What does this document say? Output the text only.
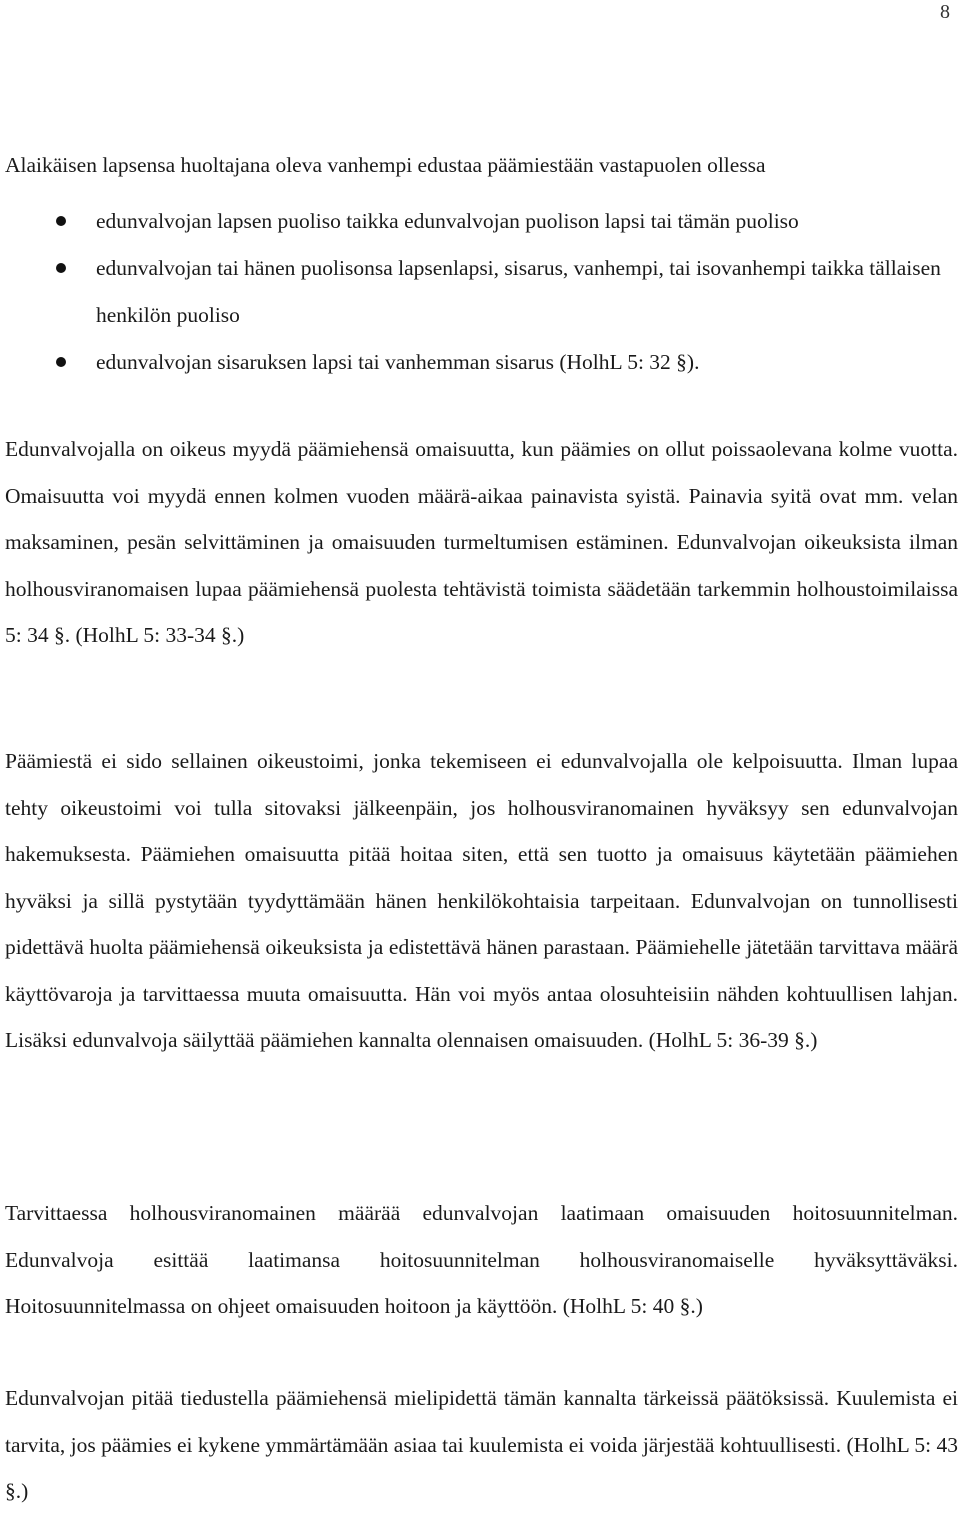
8

Alaikäisen lapsensa huoltajana oleva vanhempi edustaa päämiestään vastapuolen ollessa

edunvalvojan lapsen puoliso taikka edunvalvojan puolison lapsi tai tämän puoliso
edunvalvojan tai hänen puolisonsa lapsenlapsi, sisarus, vanhempi, tai isovanhempi taikka tällaisen henkilön puoliso
edunvalvojan sisaruksen lapsi tai vanhemman sisarus (HolhL 5: 32 §).

Edunvalvojalla on oikeus myydä päämiehensä omaisuutta, kun päämies on ollut poissaolevana kolme vuotta. Omaisuutta voi myydä ennen kolmen vuoden määrä-aikaa painavista syistä. Painavia syitä ovat mm. velan maksaminen, pesän selvittäminen ja omaisuuden turmeltumisen estäminen. Edunvalvojan oikeuksista ilman holhousviranomaisen lupaa päämiehensä puolesta tehtävistä toimista säädetään tarkemmin holhoustoimilaissa 5: 34 §. (HolhL 5: 33-34 §.)

Päämiestä ei sido sellainen oikeustoimi, jonka tekemiseen ei edunvalvojalla ole kelpoisuutta. Ilman lupaa tehty oikeustoimi voi tulla sitovaksi jälkeenpäin, jos holhousviranomainen hyväksyy sen edunvalvojan hakemuksesta. Päämiehen omaisuutta pitää hoitaa siten, että sen tuotto ja omaisuus käytetään päämiehen hyväksi ja sillä pystytään tyydyttämään hänen henkilökohtaisia tarpeitaan. Edunvalvojan on tunnollisesti pidettävä huolta päämiehensä oikeuksista ja edistettävä hänen parastaan. Päämiehelle jätetään tarvittava määrä käyttövaroja ja tarvittaessa muuta omaisuutta. Hän voi myös antaa olosuhteisiin nähden kohtuullisen lahjan. Lisäksi edunvalvoja säilyttää päämiehen kannalta olennaisen omaisuuden. (HolhL 5: 36-39 §.)

Tarvittaessa holhousviranomainen määrää edunvalvojan laatimaan omaisuuden hoitosuunnitelman. Edunvalvoja esittää laatimansa hoitosuunnitelman holhousviranomaiselle hyväksyttäväksi. Hoitosuunnitelmassa on ohjeet omaisuuden hoitoon ja käyttöön. (HolhL 5: 40 §.)

Edunvalvojan pitää tiedustella päämiehensä mielipidettä tämän kannalta tärkeissä päätöksissä. Kuulemista ei tarvita, jos päämies ei kykene ymmärtämään asiaa tai kuulemista ei voida järjestää kohtuullisesti. (HolhL 5: 43 §.)
